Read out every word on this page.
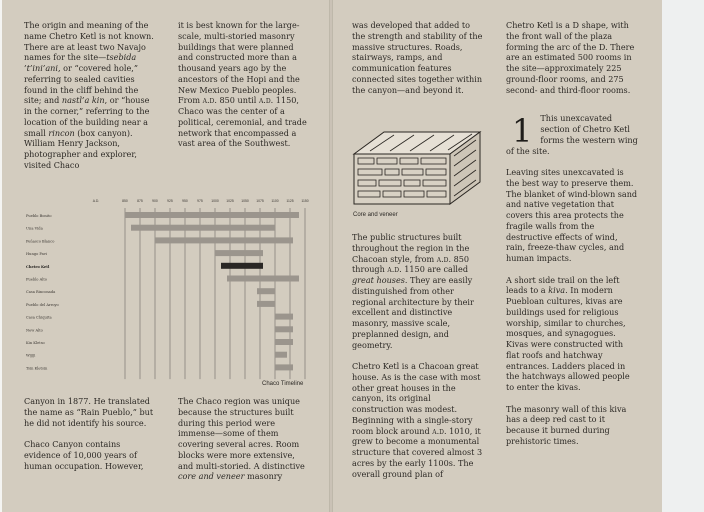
The origin and meaning of the name Chetro Ketl is not known. There are at least two Navajo names for the site—tsebida ’t’ini’ani, or “covered hole,” referring to sealed cavities found in the cliff behind the site; and nastl’a kin, or “house in the corner,” referring to the location of the building near a small rincon (box canyon). William Henry Jackson, photographer and explorer, visited Chaco

it is best known for the large-scale, multi-storied masonry buildings that were planned and constructed more than a thousand years ago by the ancestors of the Hopi and the New Mexico Pueblo peoples. From a.d. 850 until a.d. 1150, Chaco was the center of a political, ceremonial, and trade network that encompassed a vast area of the Southwest.

A.D.	850	875	900	925	950	975 1000 1025 1050 1075 1100 1125 1150
Pueblo Bonito
Una Vida
Peñasco Blanco
Hungo Pavi
Chetro Ketl
Pueblo Alto
Casa Rinconada
Pueblo del Arroyo
Casa Chiquita
New Alto
Kin Kletso
Wijiji
Tsin Kletsin
Chaco Timeline

Canyon in 1877. He translated the name as “Rain Pueblo,” but he did not identify his source.

Chaco Canyon contains evidence of 10,000 years of human occupation. However,

The Chaco region was unique because the structures built during this period were immense—some of them covering several acres. Room blocks were more extensive, and multi-storied. A distinctive core and veneer masonry

was developed that added to the strength and stability of the massive structures. Roads, stairways, ramps, and communication features connected sites together within the canyon—and beyond it.

Core and veneer

The public structures built throughout the region in the Chacoan style, from a.d. 850 through a.d. 1150 are called great houses. They are easily distinguished from other regional architecture by their excellent and distinctive masonry, massive scale, preplanned design, and geometry.

Chetro Ketl is a Chacoan great house. As is the case with most other great houses in the canyon, its original construction was modest. Beginning with a single-story room block around a.d. 1010, it grew to become a monumental structure that covered almost 3 acres by the early 1100s. The overall ground plan of

Chetro Ketl is a D shape, with the front wall of the plaza forming the arc of the D. There are an estimated 500 rooms in the site—approximately 225 ground-floor rooms, and 275 second- and third-floor rooms.

1 This unexcavated section of Chetro Ketl forms the western wing of the site.

Leaving sites unexcavated is the best way to preserve them. The blanket of wind-blown sand and native vegetation that covers this area protects the fragile walls from the destructive effects of wind, rain, freeze-thaw cycles, and human impacts.

A short side trail on the left leads to a kiva. In modern Puebloan cultures, kivas are buildings used for religious worship, similar to churches, mosques, and synagogues. Kivas were constructed with flat roofs and hatchway entrances. Ladders placed in the hatchways allowed people to enter the kivas.

The masonry wall of this kiva has a deep red cast to it because it burned during prehistoric times.
